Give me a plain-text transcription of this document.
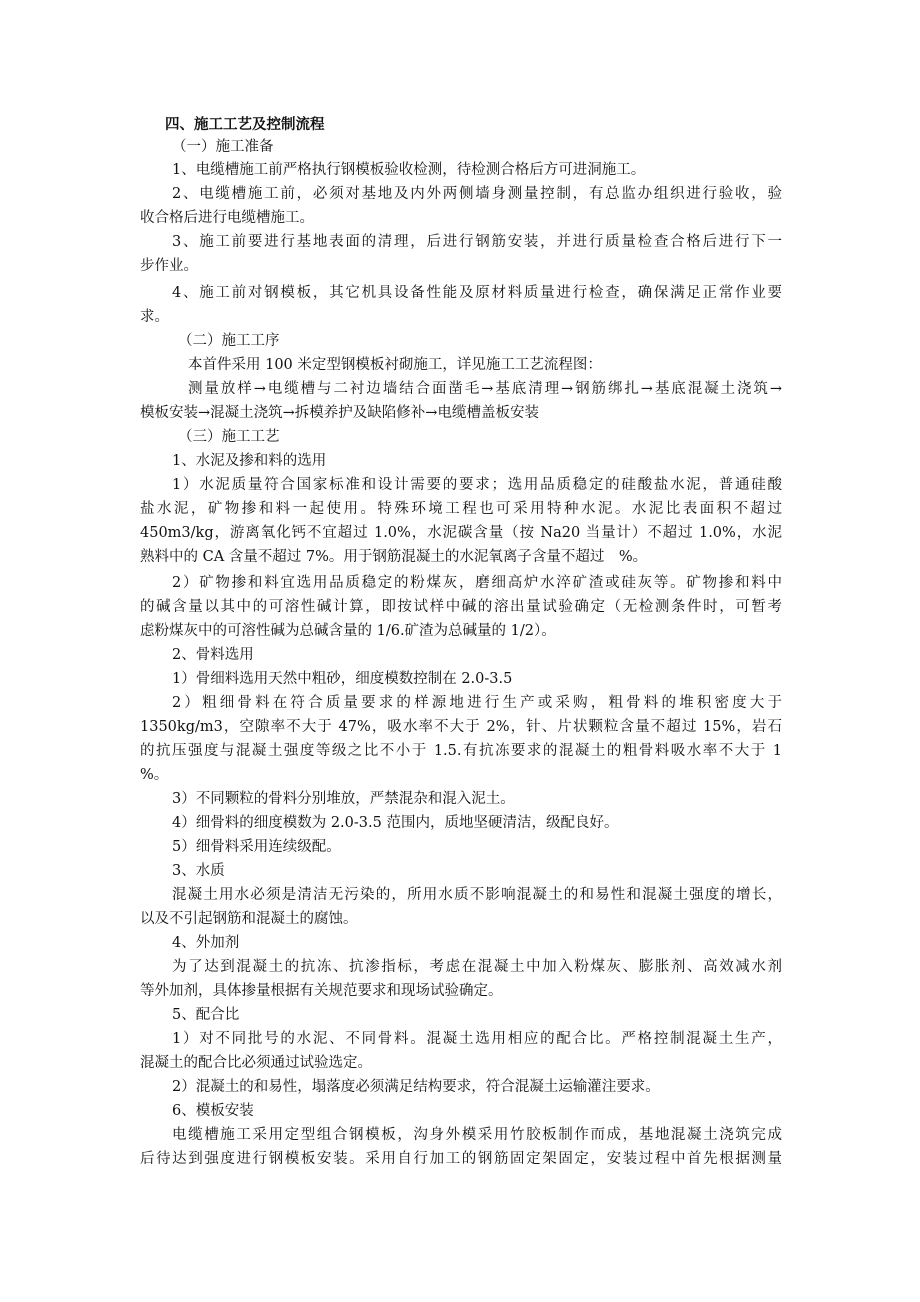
四、施工工艺及控制流程
（一）施工准备
1、电缆槽施工前严格执行钢模板验收检测，待检测合格后方可进洞施工。
2、电缆槽施工前，必须对基地及内外两侧墙身测量控制，有总监办组织进行验收，验
收合格后进行电缆槽施工。
3、施工前要进行基地表面的清理，后进行钢筋安装，并进行质量检查合格后进行下一
步作业。
4、施工前对钢模板，其它机具设备性能及原材料质量进行检查，确保满足正常作业要
求。
（二）施工工序
本首件采用 100 米定型钢模板衬砌施工，详见施工工艺流程图：
测量放样→电缆槽与二衬边墙结合面凿毛→基底清理→钢筋绑扎→基底混凝土浇筑→
模板安装→混凝土浇筑→拆模养护及缺陷修补→电缆槽盖板安装
（三）施工工艺
1、水泥及掺和料的选用
1）水泥质量符合国家标准和设计需要的要求；选用品质稳定的硅酸盐水泥，普通硅酸
盐水泥，矿物掺和料一起使用。特殊环境工程也可采用特种水泥。水泥比表面积不超过
450m3/kg，游离氧化钙不宜超过 1.0%，水泥碳含量（按 Na20 当量计）不超过 1.0%，水泥
熟料中的 CA 含量不超过 7%。用于钢筋混凝土的水泥氧离子含量不超过　%。
2）矿物掺和料宜选用品质稳定的粉煤灰，磨细高炉水淬矿渣或硅灰等。矿物掺和料中
的碱含量以其中的可溶性碱计算，即按试样中碱的溶出量试验确定（无检测条件时，可暂考
虑粉煤灰中的可溶性碱为总碱含量的 1/6.矿渣为总碱量的 1/2）。
2、骨料选用
1）骨细料选用天然中粗砂，细度模数控制在 2.0-3.5
2）粗细骨料在符合质量要求的样源地进行生产或采购，粗骨料的堆积密度大于
1350kg/m3，空隙率不大于 47%，吸水率不大于 2%，针、片状颗粒含量不超过 15%，岩石
的抗压强度与混凝土强度等级之比不小于 1.5.有抗冻要求的混凝土的粗骨料吸水率不大于 1
%。
3）不同颗粒的骨料分别堆放，严禁混杂和混入泥土。
4）细骨料的细度模数为 2.0-3.5 范围内，质地坚硬清洁，级配良好。
5）细骨料采用连续级配。
3、水质
混凝土用水必须是清洁无污染的，所用水质不影响混凝土的和易性和混凝土强度的增长，
以及不引起钢筋和混凝土的腐蚀。
4、外加剂
为了达到混凝土的抗冻、抗渗指标，考虑在混凝土中加入粉煤灰、膨胀剂、高效减水剂
等外加剂，具体掺量根据有关规范要求和现场试验确定。
5、配合比
1）对不同批号的水泥、不同骨料。混凝土选用相应的配合比。严格控制混凝土生产，
混凝土的配合比必须通过试验选定。
2）混凝土的和易性，塌落度必须满足结构要求，符合混凝土运输灌注要求。
6、模板安装
电缆槽施工采用定型组合钢模板，沟身外模采用竹胶板制作而成，基地混凝土浇筑完成
后待达到强度进行钢模板安装。采用自行加工的钢筋固定架固定，安装过程中首先根据测量
